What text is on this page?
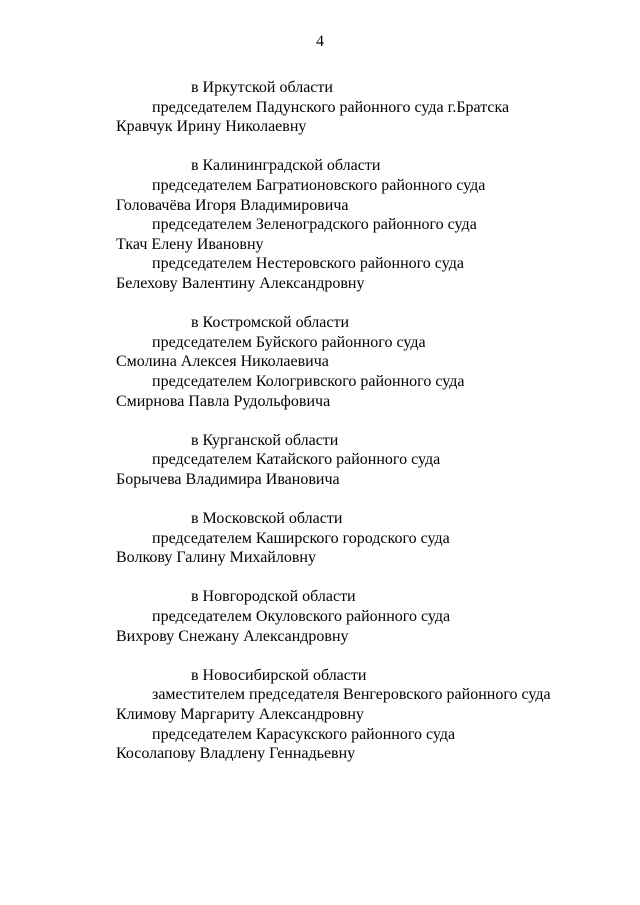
4
в Иркутской области
председателем Падунского районного суда г.Братска
Кравчук Ирину Николаевну
в Калининградской области
председателем Багратионовского районного суда
Головачёва Игоря Владимировича
председателем Зеленоградского районного суда
Ткач Елену Ивановну
председателем Нестеровского районного суда
Белехову Валентину Александровну
в Костромской области
председателем Буйского районного суда
Смолина Алексея Николаевича
председателем Кологривского районного суда
Смирнова Павла Рудольфовича
в Курганской области
председателем Катайского районного суда
Борычева Владимира Ивановича
в Московской области
председателем Каширского городского суда
Волкову Галину Михайловну
в Новгородской области
председателем Окуловского районного суда
Вихрову Снежану Александровну
в Новосибирской области
заместителем председателя Венгеровского районного суда
Климову Маргариту Александровну
председателем Карасукского районного суда
Косолапову Владлену Геннадьевну
